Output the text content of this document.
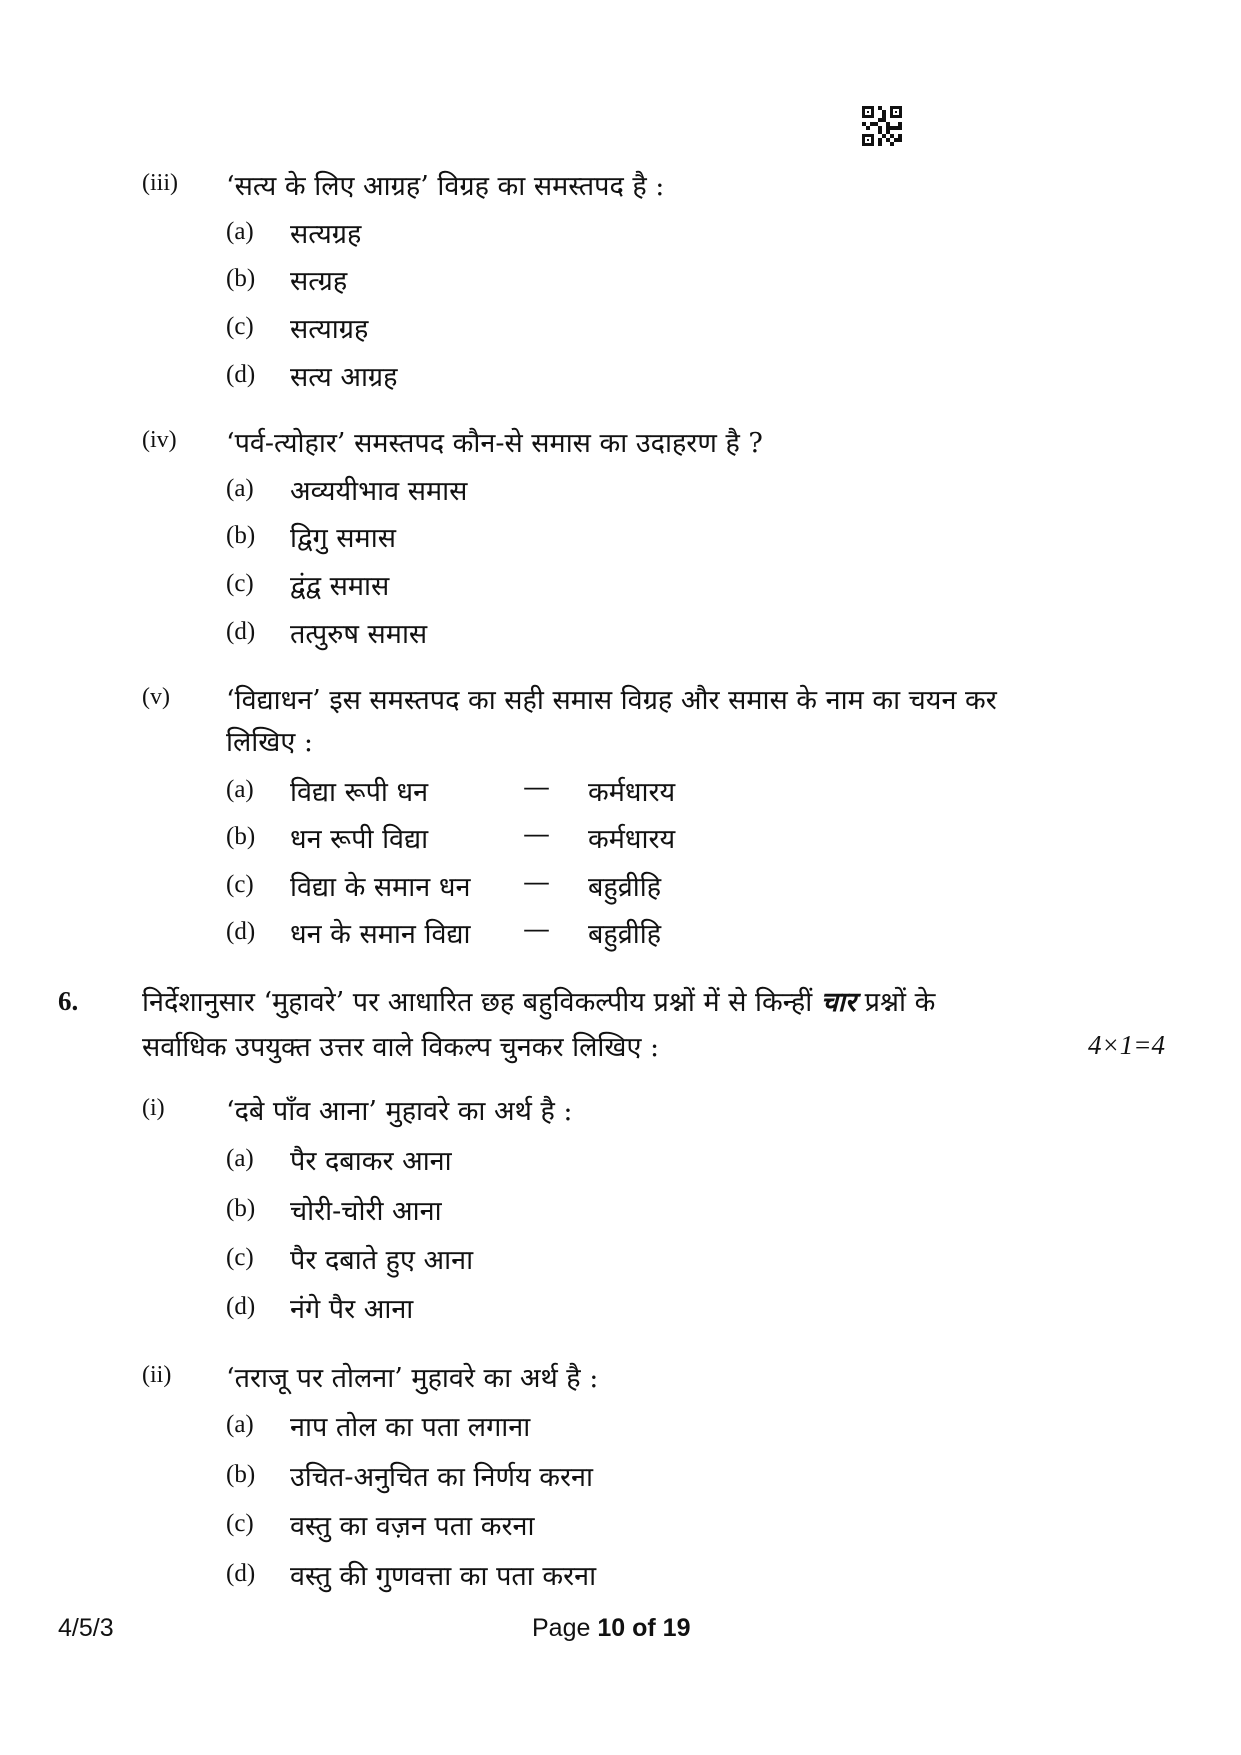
(iii) ‘सत्य के लिए आग्रह’ विग्रह का समस्तपद है :
(a) सत्यग्रह
(b) सत्ग्रह
(c) सत्याग्रह
(d) सत्य आग्रह
(iv) ‘पर्व-त्योहार’ समस्तपद कौन-से समास का उदाहरण है ?
(a) अव्ययीभाव समास
(b) द्विगु समास
(c) द्वंद्व समास
(d) तत्पुरुष समास
(v) ‘विद्याधन’ इस समस्तपद का सही समास विग्रह और समास के नाम का चयन कर
लिखिए :
(a) विद्या रूपी धन	— कर्मधारय
(b) धन रूपी विद्या	— कर्मधारय
(c) विद्या के समान धन — बहुव्रीहि
(d) धन के समान विद्या — बहुव्रीहि
6. निर्देशानुसार ‘मुहावरे’ पर आधारित छह बहुविकल्पीय प्रश्नों में से किन्हीं चार प्रश्नों के
सर्वाधिक उपयुक्त उत्तर वाले विकल्प चुनकर लिखिए :	4×1=4
(i) ‘दबे पाँव आना’ मुहावरे का अर्थ है :
(a) पैर दबाकर आना
(b) चोरी-चोरी आना
(c) पैर दबाते हुए आना
(d) नंगे पैर आना
(ii) ‘तराजू पर तोलना’ मुहावरे का अर्थ है :
(a) नाप तोल का पता लगाना
(b) उचित-अनुचित का निर्णय करना
(c) वस्तु का वज़न पता करना
(d) वस्तु की गुणवत्ता का पता करना
4/5/3	Page 10 of 19
